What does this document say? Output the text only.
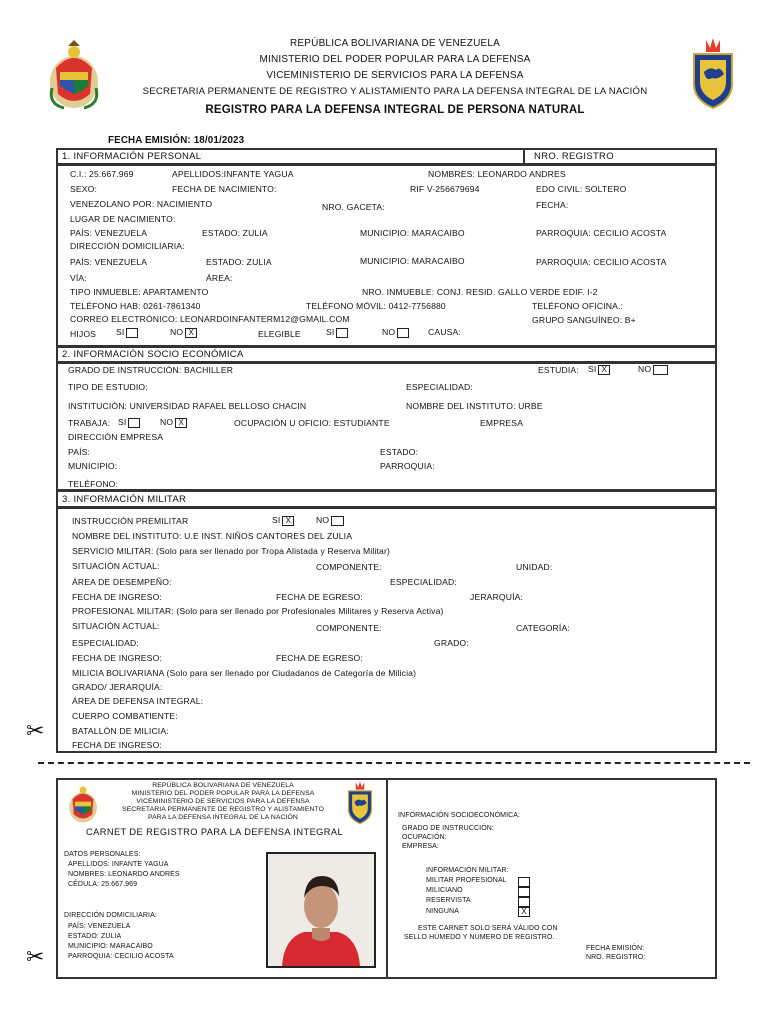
REPÚBLICA BOLIVARIANA DE VENEZUELA
MINISTERIO DEL PODER POPULAR PARA LA DEFENSA
VICEMINISTERIO DE SERVICIOS PARA LA DEFENSA
SECRETARIA PERMANENTE DE REGISTRO Y ALISTAMIENTO PARA LA DEFENSA INTEGRAL DE LA NACIÓN
REGISTRO PARA LA DEFENSA INTEGRAL DE PERSONA NATURAL
FECHA EMISIÓN: 18/01/2023
1. INFORMACIÓN PERSONAL	NRO. REGISTRO
C.I.: 25.667.969	APELLIDOS:INFANTE YAGUA	NOMBRES: LEONARDO ANDRES
SEXO:	FECHA DE NACIMIENTO:	RIF V-256679694	EDO CIVIL: SOLTERO
VENEZOLANO POR: NACIMIENTO	NRO. GACETA:	FECHA:
LUGAR DE NACIMIENTO:
PAÍS: VENEZUELA	ESTADO: ZULIA	MUNICIPIO: MARACAIBO	PARROQUIA: CECILIO ACOSTA
DIRECCIÓN DOMICILIARIA:
PAÍS: VENEZUELA	ESTADO: ZULIA	MUNICIPIO: MARACAIBO	PARROQUIA: CECILIO ACOSTA
VÍA:	ÁREA:
TIPO INMUEBLE: APARTAMENTO	NRO. INMUEBLE: CONJ. RESID. GALLO VERDE EDIF. I-2
TELÉFONO HAB: 0261-7861340	TELÉFONO MÓVIL: 0412-7756880	TELÉFONO OFICINA.:
CORREO ELECTRÓNICO: LEONARDOINFANTERM12@GMAIL.COM	GRUPO SANGUÍNEO: B+
HIJOS SI	NO X	ELEGIBLE	SI	NO	CAUSA:
2. INFORMACIÓN SOCIO ECONÓMICA
GRADO DE INSTRUCCIÓN: BACHILLER	ESTUDIA: SI X	NO
TIPO DE ESTUDIO:	ESPECIALIDAD:
INSTITUCIÓN: UNIVERSIDAD RAFAEL BELLOSO CHACIN	NOMBRE DEL INSTITUTO: URBE
TRABAJA: SI	NO X	OCUPACIÓN U OFICIO: ESTUDIANTE	EMPRESA
DIRECCIÓN EMPRESA
PAÍS:	ESTADO:
MUNICIPIO:	PARROQUIA:
TELÉFONO:
3. INFORMACIÓN MILITAR
INSTRUCCIÓN PREMILITAR	SI X	NO
NOMBRE DEL INSTITUTO: U.E INST. NIÑOS CANTORES DEL ZULIA
SERVICIO MILITAR: (Solo para ser llenado por Tropa Alistada y Reserva Militar)
SITUACIÓN ACTUAL:	COMPONENTE:	UNIDAD:
ÁREA DE DESEMPEÑO:	ESPECIALIDAD:
FECHA DE INGRESO:	FECHA DE EGRESO:	JERARQUÍA:
PROFESIONAL MILITAR: (Solo para ser llenado por Profesionales Militares y Reserva Activa)
SITUACIÓN ACTUAL:	COMPONENTE:	CATEGORÍA:
ESPECIALIDAD:	GRADO:
FECHA DE INGRESO:	FECHA DE EGRESO:
MILICIA BOLIVARIANA (Solo para ser llenado por Ciudadanos de Categoría de Milicia)
GRADO/ JERARQUÍA:
ÁREA DE DEFENSA INTEGRAL:
CUERPO COMBATIENTE:
BATALLÓN DE MILICIA:
FECHA DE INGRESO:
✂
REPÚBLICA BOLIVARIANA DE VENEZUELA
MINISTERIO DEL PODER POPULAR PARA LA DEFENSA
VICEMINISTERIO DE SERVICIOS PARA LA DEFENSA
SECRETARIA PERMANENTE DE REGISTRO Y ALISTAMIENTO
PARA LA DEFENSA INTEGRAL DE LA NACIÓN
CARNET DE REGISTRO PARA LA DEFENSA INTEGRAL
DATOS PERSONALES:
APELLIDOS: INFANTE YAGUA
NOMBRES: LEONARDO ANDRES
CÉDULA: 25.667.969
DIRECCIÓN DOMICILIARIA:
PAÍS: VENEZUELA
ESTADO: ZULIA
MUNICIPIO: MARACAIBO
PARROQUIA: CECILIO ACOSTA
INFORMACIÓN SOCIOECONÓMICA:
GRADO DE INSTRUCCIÓN:
OCUPACIÓN:
EMPRESA:
INFORMACIÓN MILITAR:
MILITAR PROFESIONAL
MILICIANO
RESERVISTA
NINGUNA	X
ESTE CARNET SOLO SERÁ VÁLIDO CON
SELLO HÚMEDO Y NÚMERO DE REGISTRO.
FECHA EMISIÓN:
NRO. REGISTRO:
✂
